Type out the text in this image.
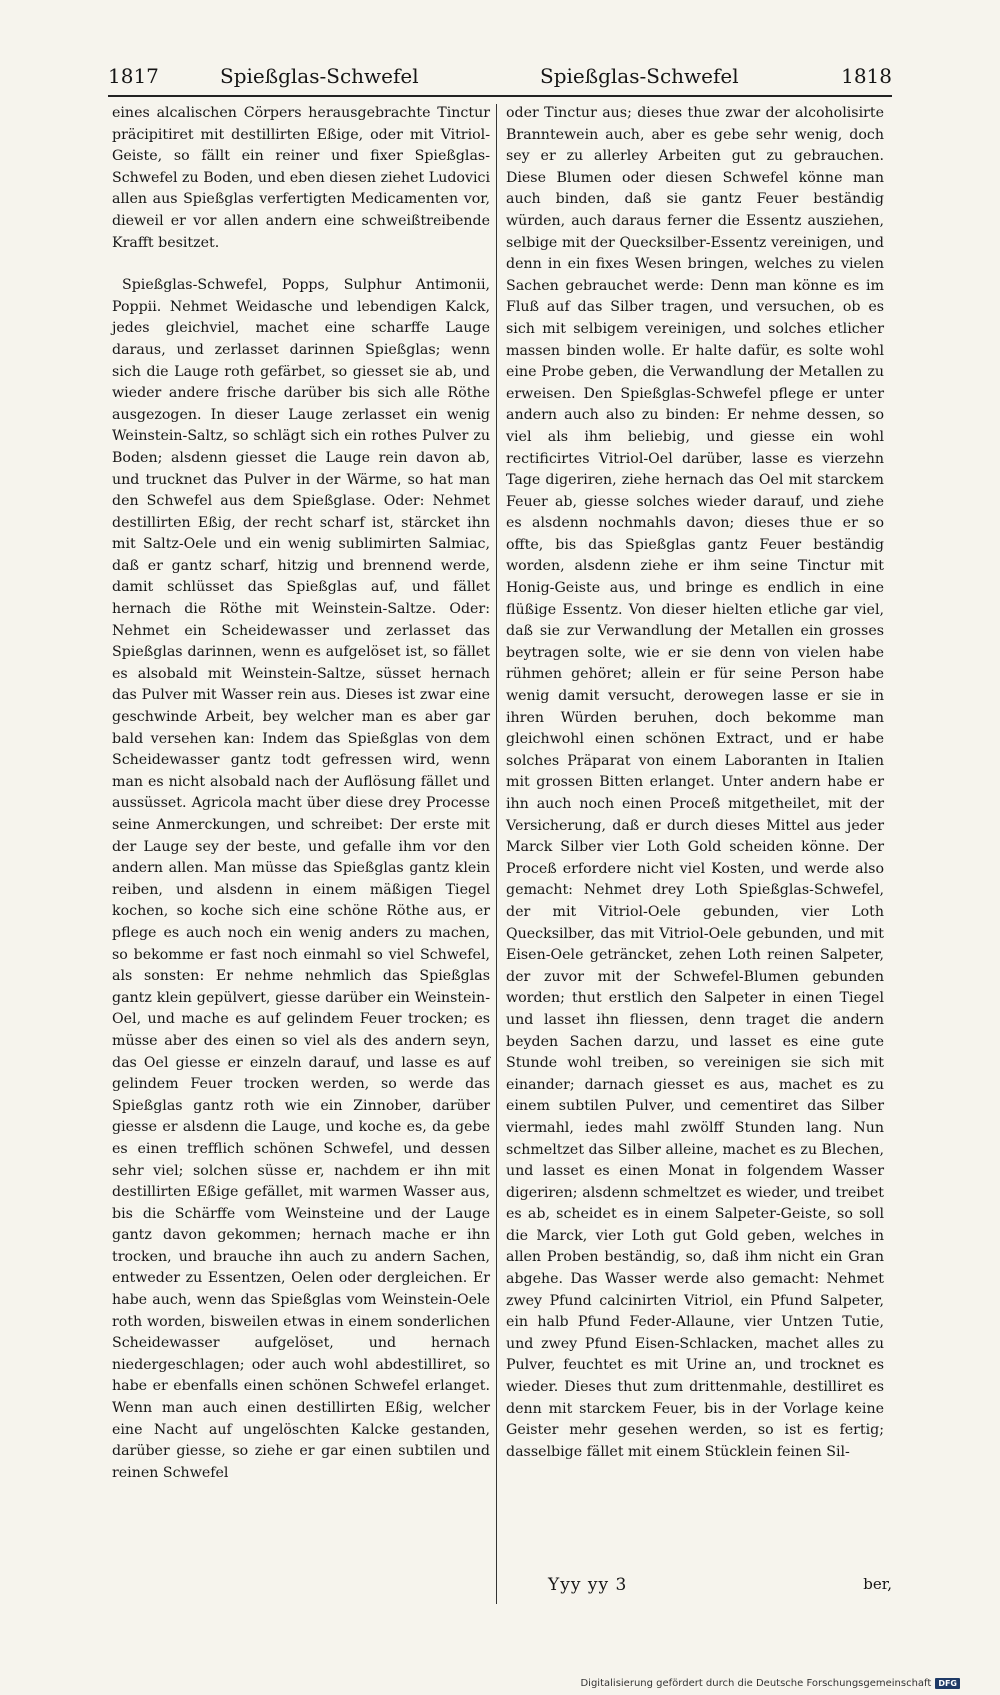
1817	Spießglas-Schwefel	Spießglas-Schwefel	1818

eines alcalischen Cörpers herausgebrachte Tinctur präcipitiret mit destillirten Eßige, oder mit Vitriol-Geiste, so fällt ein reiner und fixer Spießglas-Schwefel zu Boden, und eben diesen ziehet Ludovici allen aus Spießglas verfertigten Medicamenten vor, dieweil er vor allen andern eine schweißtreibende Krafft besitzet.

Spießglas-Schwefel, Popps, Sulphur Antimonii, Poppii. Nehmet Weidasche und lebendigen Kalck, jedes gleichviel, machet eine scharffe Lauge daraus, und zerlasset darinnen Spießglas; wenn sich die Lauge roth gefärbet, so giesset sie ab, und wieder andere frische darüber bis sich alle Röthe ausgezogen. In dieser Lauge zerlasset ein wenig Weinstein-Saltz, so schlägt sich ein rothes Pulver zu Boden; alsdenn giesset die Lauge rein davon ab, und trucknet das Pulver in der Wärme, so hat man den Schwefel aus dem Spießglase. Oder: Nehmet destillirten Eßig, der recht scharf ist, stärcket ihn mit Saltz-Oele und ein wenig sublimirten Salmiac, daß er gantz scharf, hitzig und brennend werde, damit schlüsset das Spießglas auf, und fället hernach die Röthe mit Weinstein-Saltze. Oder: Nehmet ein Scheidewasser und zerlasset das Spießglas darinnen, wenn es aufgelöset ist, so fället es alsobald mit Weinstein-Saltze, süsset hernach das Pulver mit Wasser rein aus. Dieses ist zwar eine geschwinde Arbeit, bey welcher man es aber gar bald versehen kan: Indem das Spießglas von dem Scheidewasser gantz todt gefressen wird, wenn man es nicht alsobald nach der Auflösung fället und aussüsset. Agricola macht über diese drey Processe seine Anmerckungen, und schreibet: Der erste mit der Lauge sey der beste, und gefalle ihm vor den andern allen. Man müsse das Spießglas gantz klein reiben, und alsdenn in einem mäßigen Tiegel kochen, so koche sich eine schöne Röthe aus, er pflege es auch noch ein wenig anders zu machen, so bekomme er fast noch einmahl so viel Schwefel, als sonsten: Er nehme nehmlich das Spießglas gantz klein gepülvert, giesse darüber ein Weinstein-Oel, und mache es auf gelindem Feuer trocken; es müsse aber des einen so viel als des andern seyn, das Oel giesse er einzeln darauf, und lasse es auf gelindem Feuer trocken werden, so werde das Spießglas gantz roth wie ein Zinnober, darüber giesse er alsdenn die Lauge, und koche es, da gebe es einen trefflich schönen Schwefel, und dessen sehr viel; solchen süsse er, nachdem er ihn mit destillirten Eßige gefället, mit warmen Wasser aus, bis die Schärffe vom Weinsteine und der Lauge gantz davon gekommen; hernach mache er ihn trocken, und brauche ihn auch zu andern Sachen, entweder zu Essentzen, Oelen oder dergleichen. Er habe auch, wenn das Spießglas vom Weinstein-Oele roth worden, bisweilen etwas in einem sonderlichen Scheidewasser aufgelöset, und hernach niedergeschlagen; oder auch wohl abdestilliret, so habe er ebenfalls einen schönen Schwefel erlanget. Wenn man auch einen destillirten Eßig, welcher eine Nacht auf ungelöschten Kalcke gestanden, darüber giesse, so ziehe er gar einen subtilen und reinen Schwefel

oder Tinctur aus; dieses thue zwar der alcoholisirte Branntewein auch, aber es gebe sehr wenig, doch sey er zu allerley Arbeiten gut zu gebrauchen. Diese Blumen oder diesen Schwefel könne man auch binden, daß sie gantz Feuer beständig würden, auch daraus ferner die Essentz ausziehen, selbige mit der Quecksilber-Essentz vereinigen, und denn in ein fixes Wesen bringen, welches zu vielen Sachen gebrauchet werde: Denn man könne es im Fluß auf das Silber tragen, und versuchen, ob es sich mit selbigem vereinigen, und solches etlicher massen binden wolle. Er halte dafür, es solte wohl eine Probe geben, die Verwandlung der Metallen zu erweisen. Den Spießglas-Schwefel pflege er unter andern auch also zu binden: Er nehme dessen, so viel als ihm beliebig, und giesse ein wohl rectificirtes Vitriol-Oel darüber, lasse es vierzehn Tage digeriren, ziehe hernach das Oel mit starckem Feuer ab, giesse solches wieder darauf, und ziehe es alsdenn nochmahls davon; dieses thue er so offte, bis das Spießglas gantz Feuer beständig worden, alsdenn ziehe er ihm seine Tinctur mit Honig-Geiste aus, und bringe es endlich in eine flüßige Essentz. Von dieser hielten etliche gar viel, daß sie zur Verwandlung der Metallen ein grosses beytragen solte, wie er sie denn von vielen habe rühmen gehöret; allein er für seine Person habe wenig damit versucht, derowegen lasse er sie in ihren Würden beruhen, doch bekomme man gleichwohl einen schönen Extract, und er habe solches Präparat von einem Laboranten in Italien mit grossen Bitten erlanget. Unter andern habe er ihn auch noch einen Proceß mitgetheilet, mit der Versicherung, daß er durch dieses Mittel aus jeder Marck Silber vier Loth Gold scheiden könne. Der Proceß erfordere nicht viel Kosten, und werde also gemacht: Nehmet drey Loth Spießglas-Schwefel, der mit Vitriol-Oele gebunden, vier Loth Quecksilber, das mit Vitriol-Oele gebunden, und mit Eisen-Oele geträncket, zehen Loth reinen Salpeter, der zuvor mit der Schwefel-Blumen gebunden worden; thut erstlich den Salpeter in einen Tiegel und lasset ihn fliessen, denn traget die andern beyden Sachen darzu, und lasset es eine gute Stunde wohl treiben, so vereinigen sie sich mit einander; darnach giesset es aus, machet es zu einem subtilen Pulver, und cementiret das Silber viermahl, iedes mahl zwölff Stunden lang. Nun schmeltzet das Silber alleine, machet es zu Blechen, und lasset es einen Monat in folgendem Wasser digeriren; alsdenn schmeltzet es wieder, und treibet es ab, scheidet es in einem Salpeter-Geiste, so soll die Marck, vier Loth gut Gold geben, welches in allen Proben beständig, so, daß ihm nicht ein Gran abgehe. Das Wasser werde also gemacht: Nehmet zwey Pfund calcinirten Vitriol, ein Pfund Salpeter, ein halb Pfund Feder-Allaune, vier Untzen Tutie, und zwey Pfund Eisen-Schlacken, machet alles zu Pulver, feuchtet es mit Urine an, und trocknet es wieder. Dieses thut zum drittenmahle, destilliret es denn mit starckem Feuer, bis in der Vorlage keine Geister mehr gesehen werden, so ist es fertig; dasselbige fället mit einem Stücklein feinen Sil-

Yyy yy 3	ber,
Digitalisierung gefördert durch die Deutsche Forschungsgemeinschaft DFG
